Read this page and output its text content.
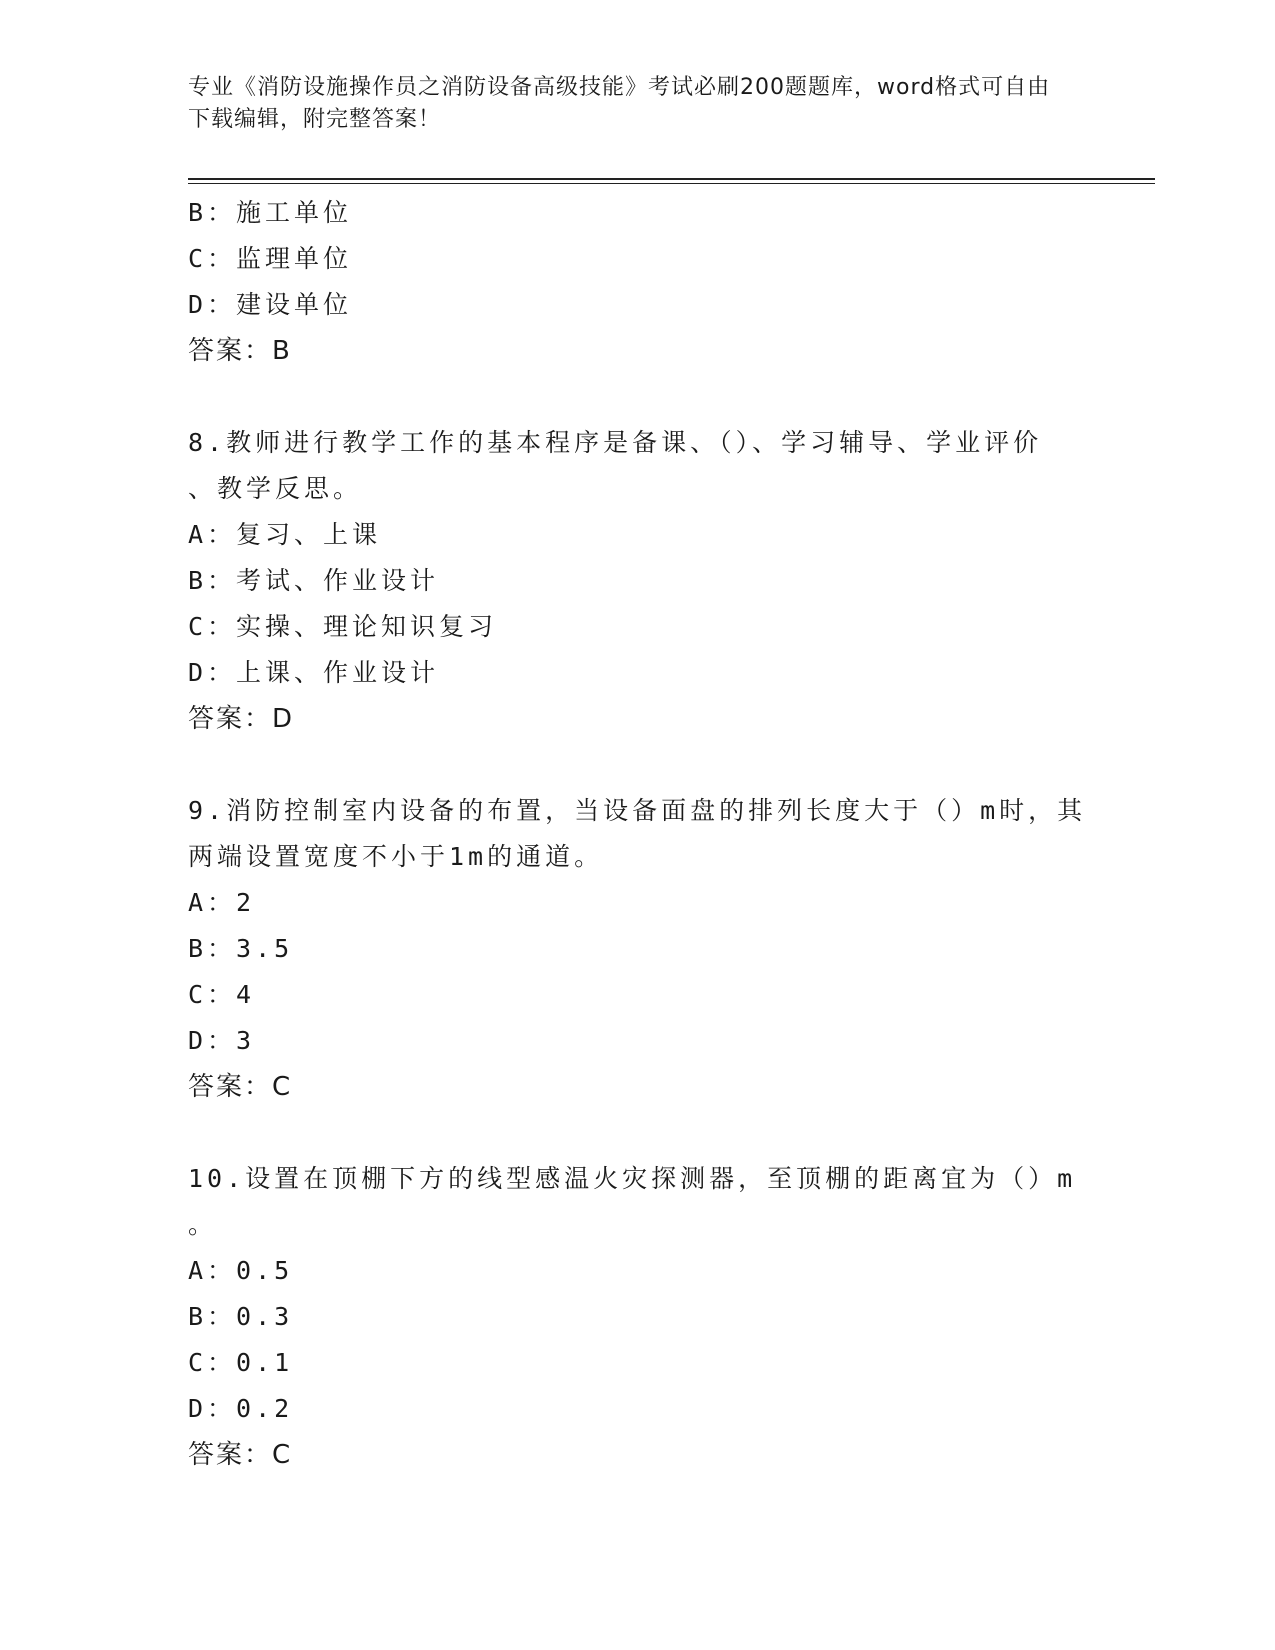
专业《消防设施操作员之消防设备高级技能》考试必刷200题题库，word格式可自由下载编辑，附完整答案！
B：施工单位
C：监理单位
D：建设单位
答案：B
8.教师进行教学工作的基本程序是备课、（）、学习辅导、学业评价
、教学反思。
A：复习、上课
B：考试、作业设计
C：实操、理论知识复习
D：上课、作业设计
答案：D
9.消防控制室内设备的布置，当设备面盘的排列长度大于（）m时，其
两端设置宽度不小于1m的通道。
A：2
B：3.5
C：4
D：3
答案：C
10.设置在顶棚下方的线型感温火灾探测器，至顶棚的距离宜为（）m
。
A：0.5
B：0.3
C：0.1
D：0.2
答案：C
